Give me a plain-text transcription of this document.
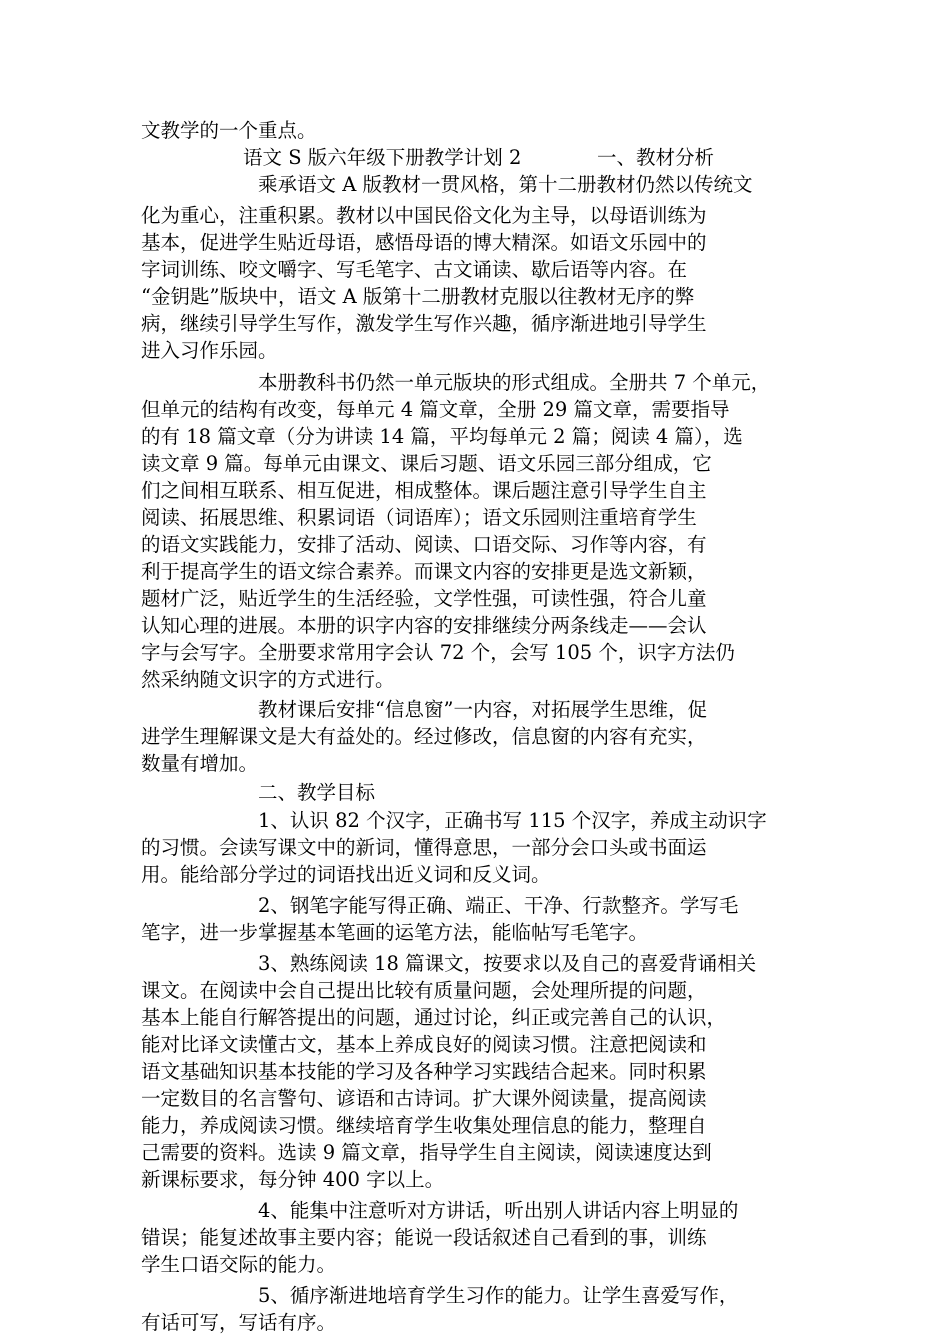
文教学的一个重点。
　　　　　　乘承语文 A 版教材一贯风格，第十二册教材仍然以传统文
化为重心，注重积累。教材以中国民俗文化为主导，以母语训练为
基本，促进学生贴近母语，感悟母语的博大精深。如语文乐园中的
字词训练、咬文嚼字、写毛笔字、古文诵读、歇后语等内容。在
“金钥匙”版块中，语文 A 版第十二册教材克服以往教材无序的弊
病，继续引导学生写作，激发学生写作兴趣，循序渐进地引导学生
进入习作乐园。
　　　　　　本册教科书仍然一单元版块的形式组成。全册共 7 个单元，
但单元的结构有改变，每单元 4 篇文章，全册 29 篇文章，需要指导
的有 18 篇文章（分为讲读 14 篇，平均每单元 2 篇；阅读 4 篇），选
读文章 9 篇。每单元由课文、课后习题、语文乐园三部分组成，它
们之间相互联系、相互促进，相成整体。课后题注意引导学生自主
阅读、拓展思维、积累词语（词语库）；语文乐园则注重培育学生
的语文实践能力，安排了活动、阅读、口语交际、习作等内容，有
利于提高学生的语文综合素养。而课文内容的安排更是选文新颖，
题材广泛，贴近学生的生活经验，文学性强，可读性强，符合儿童
认知心理的进展。本册的识字内容的安排继续分两条线走——会认
字与会写字。全册要求常用字会认 72 个，会写 105 个，识字方法仍
然采纳随文识字的方式进行。
　　　　　　教材课后安排“信息窗”一内容，对拓展学生思维，促
进学生理解课文是大有益处的。经过修改，信息窗的内容有充实，
数量有增加。
　　　　　　二、教学目标
　　　　　　1、认识 82 个汉字，正确书写 115 个汉字，养成主动识字
的习惯。会读写课文中的新词，懂得意思，一部分会口头或书面运
用。能给部分学过的词语找出近义词和反义词。
　　　　　　2、钢笔字能写得正确、端正、干净、行款整齐。学写毛
笔字，进一步掌握基本笔画的运笔方法，能临帖写毛笔字。
　　　　　　3、熟练阅读 18 篇课文，按要求以及自己的喜爱背诵相关
课文。在阅读中会自己提出比较有质量问题，会处理所提的问题，
基本上能自行解答提出的问题，通过讨论，纠正或完善自己的认识，
能对比译文读懂古文，基本上养成良好的阅读习惯。注意把阅读和
语文基础知识基本技能的学习及各种学习实践结合起来。同时积累
一定数目的名言警句、谚语和古诗词。扩大课外阅读量，提高阅读
能力，养成阅读习惯。继续培育学生收集处理信息的能力，整理自
己需要的资料。选读 9 篇文章，指导学生自主阅读，阅读速度达到
新课标要求，每分钟 400 字以上。
　　　　　　4、能集中注意听对方讲话，听出别人讲话内容上明显的
错误；能复述故事主要内容；能说一段话叙述自己看到的事，训练
学生口语交际的能力。
　　　　　　5、循序渐进地培育学生习作的能力。让学生喜爱写作，
有话可写，写话有序。
语文 S 版六年级下册教学计划 2	一、教材分析
